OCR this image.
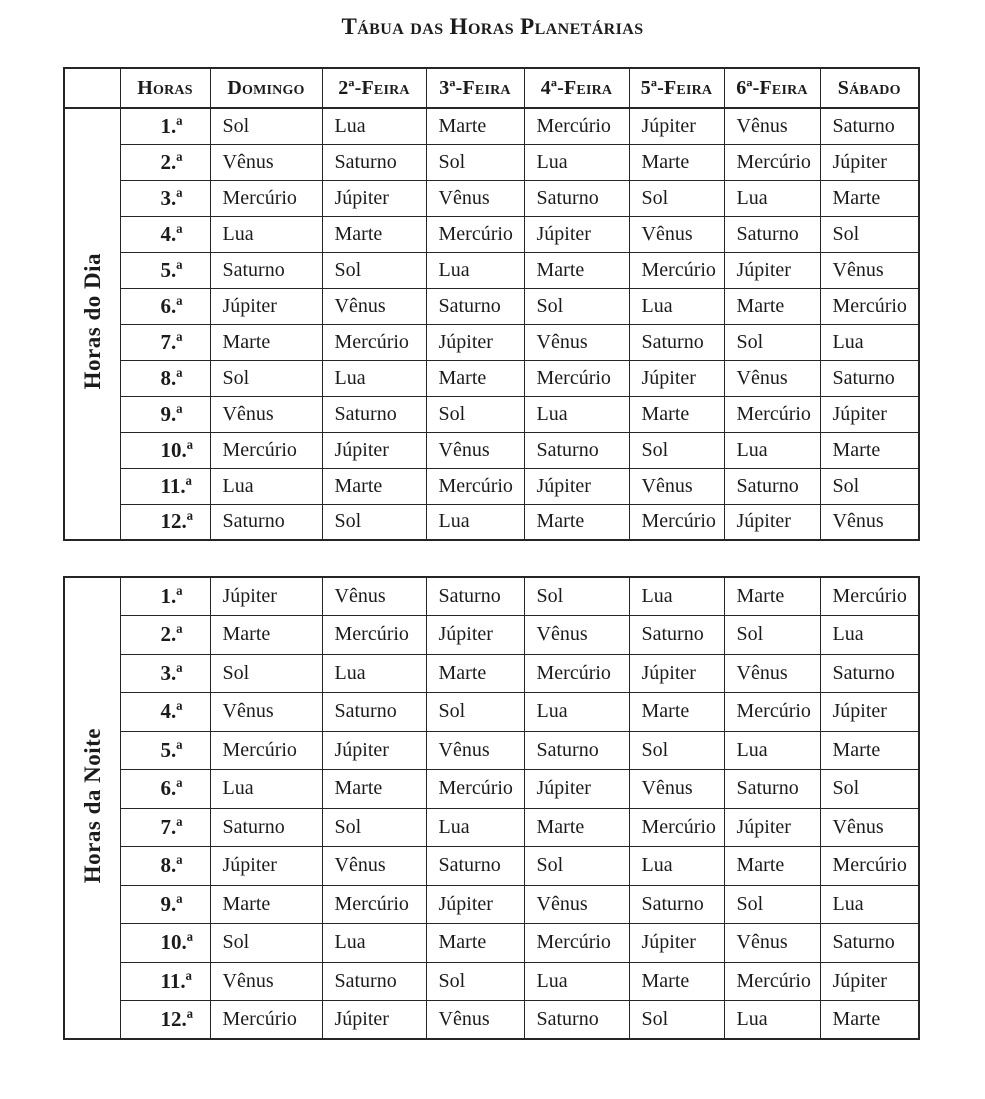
Tábua das Horas Planetárias
	Horas	Domingo	2ª-Feira	3ª-Feira	4ª-Feira	5ª-Feira	6ª-Feira	Sábado
Horas do Dia	1.ª	Sol	Lua	Marte	Mercúrio	Júpiter	Vênus	Saturno
	2.ª	Vênus	Saturno	Sol	Lua	Marte	Mercúrio	Júpiter
	3.ª	Mercúrio	Júpiter	Vênus	Saturno	Sol	Lua	Marte
	4.ª	Lua	Marte	Mercúrio	Júpiter	Vênus	Saturno	Sol
	5.ª	Saturno	Sol	Lua	Marte	Mercúrio	Júpiter	Vênus
	6.ª	Júpiter	Vênus	Saturno	Sol	Lua	Marte	Mercúrio
	7.ª	Marte	Mercúrio	Júpiter	Vênus	Saturno	Sol	Lua
	8.ª	Sol	Lua	Marte	Mercúrio	Júpiter	Vênus	Saturno
	9.ª	Vênus	Saturno	Sol	Lua	Marte	Mercúrio	Júpiter
	10.ª	Mercúrio	Júpiter	Vênus	Saturno	Sol	Lua	Marte
	11.ª	Lua	Marte	Mercúrio	Júpiter	Vênus	Saturno	Sol
	12.ª	Saturno	Sol	Lua	Marte	Mercúrio	Júpiter	Vênus
Horas da Noite	1.ª	Júpiter	Vênus	Saturno	Sol	Lua	Marte	Mercúrio
	2.ª	Marte	Mercúrio	Júpiter	Vênus	Saturno	Sol	Lua
	3.ª	Sol	Lua	Marte	Mercúrio	Júpiter	Vênus	Saturno
	4.ª	Vênus	Saturno	Sol	Lua	Marte	Mercúrio	Júpiter
	5.ª	Mercúrio	Júpiter	Vênus	Saturno	Sol	Lua	Marte
	6.ª	Lua	Marte	Mercúrio	Júpiter	Vênus	Saturno	Sol
	7.ª	Saturno	Sol	Lua	Marte	Mercúrio	Júpiter	Vênus
	8.ª	Júpiter	Vênus	Saturno	Sol	Lua	Marte	Mercúrio
	9.ª	Marte	Mercúrio	Júpiter	Vênus	Saturno	Sol	Lua
	10.ª	Sol	Lua	Marte	Mercúrio	Júpiter	Vênus	Saturno
	11.ª	Vênus	Saturno	Sol	Lua	Marte	Mercúrio	Júpiter
	12.ª	Mercúrio	Júpiter	Vênus	Saturno	Sol	Lua	Marte
